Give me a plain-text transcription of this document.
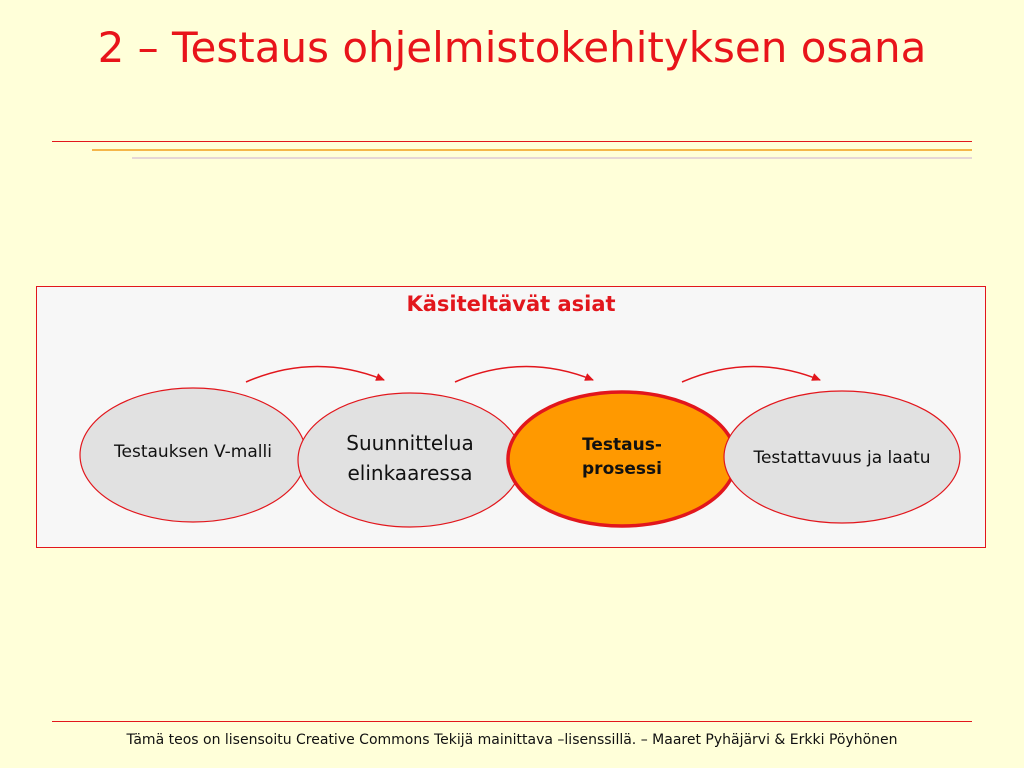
2 – Testaus ohjelmistokehityksen osana
Käsiteltävät asiat
Testauksen V-malli	Suunnittelua elinkaaressa
Testaus-prosessi
Testattavuus ja laatu
Tämä teos on lisensoitu Creative Commons Tekijä mainittava –lisenssillä. – Maaret Pyhäjärvi & Erkki Pöyhönen
